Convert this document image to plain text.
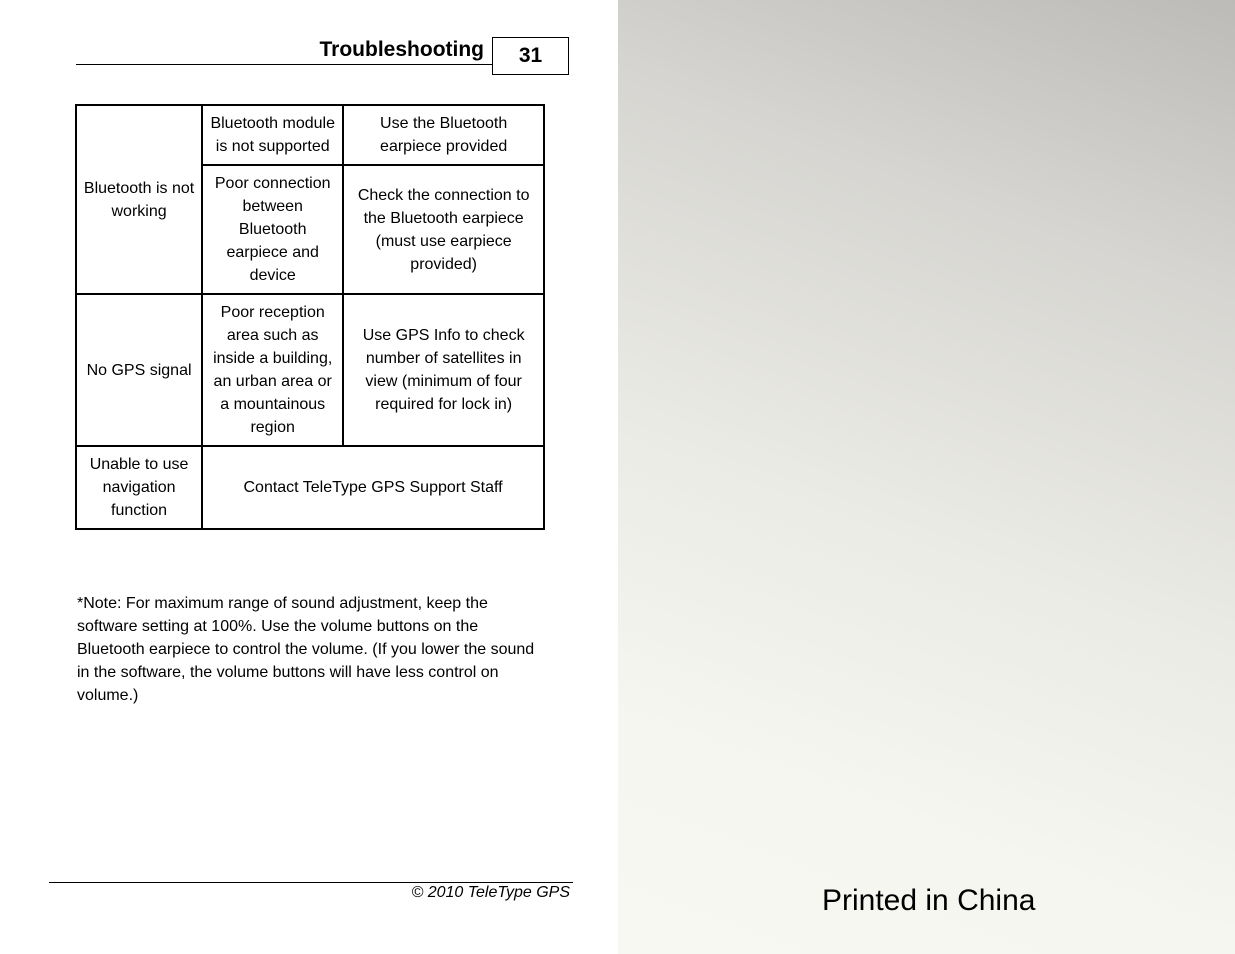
Troubleshooting	31
Bluetooth is not working	Bluetooth module is not supported	Use the Bluetooth earpiece provided
	Poor connection between Bluetooth earpiece and device	Check the connection to the Bluetooth earpiece (must use earpiece provided)
No GPS signal	Poor reception area such as inside a building, an urban area or a mountainous region	Use GPS Info to check number of satellites in view (minimum of four required for lock in)
Unable to use navigation function	Contact TeleType GPS Support Staff	
*Note: For maximum range of sound adjustment, keep the software setting at 100%. Use the volume buttons on the Bluetooth earpiece to control the volume. (If you lower the sound in the software, the volume buttons will have less control on volume.)
© 2010 TeleType GPS	Printed in China
